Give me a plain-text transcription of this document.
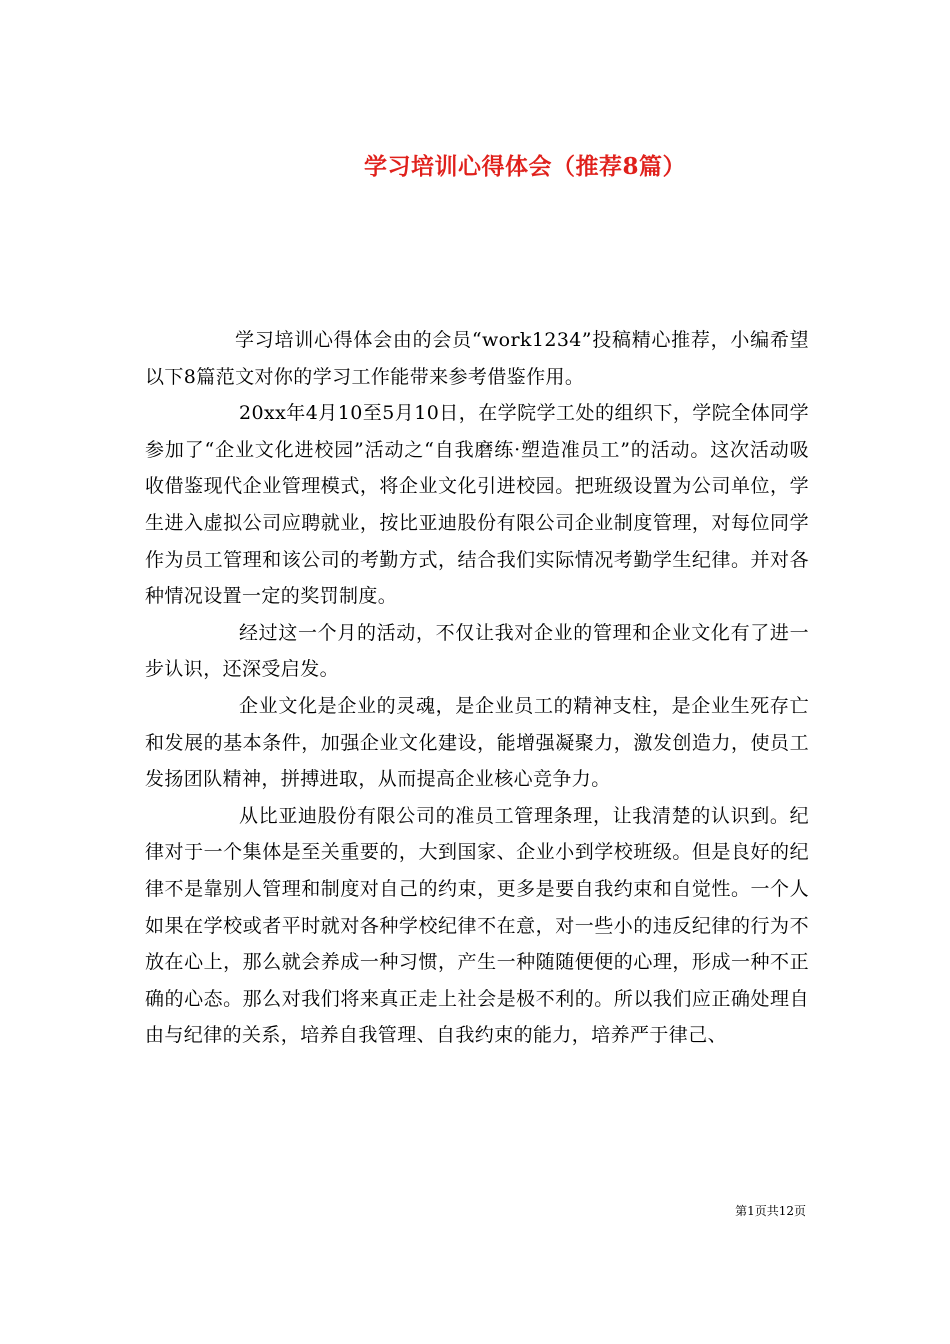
学习培训心得体会（推荐8篇）

学习培训心得体会由的会员“work1234”投稿精心推荐，小编希望以下8篇范文对你的学习工作能带来参考借鉴作用。

20xx年4月10至5月10日，在学院学工处的组织下，学院全体同学参加了“企业文化进校园”活动之“自我磨练·塑造准员工”的活动。这次活动吸收借鉴现代企业管理模式，将企业文化引进校园。把班级设置为公司单位，学生进入虚拟公司应聘就业，按比亚迪股份有限公司企业制度管理，对每位同学作为员工管理和该公司的考勤方式，结合我们实际情况考勤学生纪律。并对各种情况设置一定的奖罚制度。

经过这一个月的活动，不仅让我对企业的管理和企业文化有了进一步认识，还深受启发。

企业文化是企业的灵魂，是企业员工的精神支柱，是企业生死存亡和发展的基本条件，加强企业文化建设，能增强凝聚力，激发创造力，使员工发扬团队精神，拼搏进取，从而提高企业核心竞争力。

从比亚迪股份有限公司的准员工管理条理，让我清楚的认识到。纪律对于一个集体是至关重要的，大到国家、企业小到学校班级。但是良好的纪律不是靠别人管理和制度对自己的约束，更多是要自我约束和自觉性。一个人如果在学校或者平时就对各种学校纪律不在意，对一些小的违反纪律的行为不放在心上，那么就会养成一种习惯，产生一种随随便便的心理，形成一种不正确的心态。那么对我们将来真正走上社会是极不利的。所以我们应正确处理自由与纪律的关系，培养自我管理、自我约束的能力，培养严于律己、

第1页共12页
